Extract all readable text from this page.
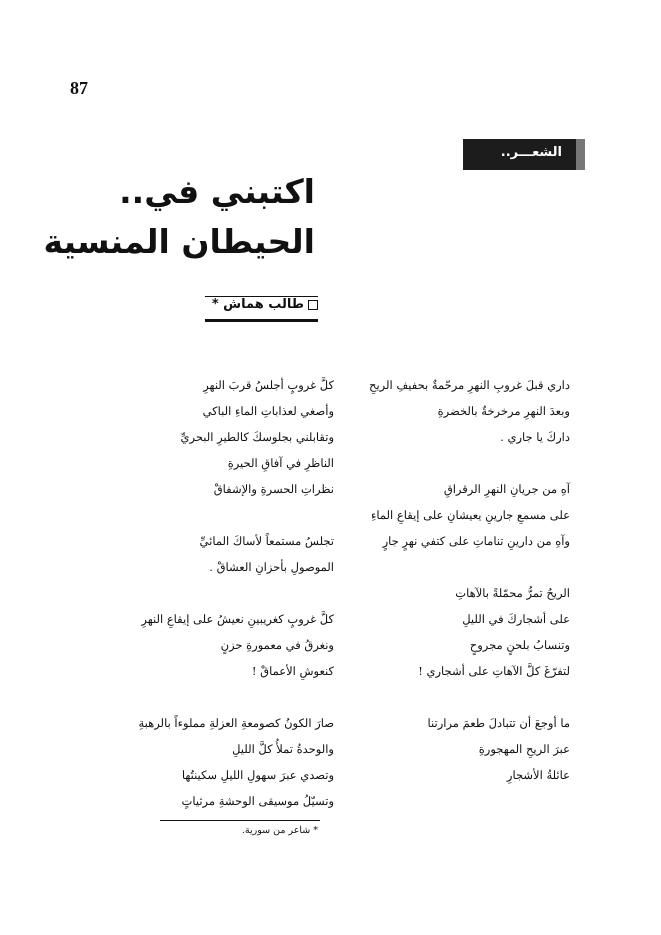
87
الشعـــر..
اكتبني في..
الحيطان المنسية
طالب هماش *
داري قبلَ غروبِ النهرِ مرحّمةٌ بحفيفِ الريحِ
وبعدَ النهرِ مرخرخةٌ بالخضرةِ
داركَ يا جاري .
آهِ من جريانِ النهرِ الرقراقِ
على مسمعِ جارينِ يعيشانِ على إيقاعِ الماءِ
وآهِ من دارينِ تناماتِ على كتفي نهرٍ جارٍ
الريحُ تمرُّ محمّلةً بالآهاتِ
على أشجاركَ في الليلِ
وتنسابُ بلحنٍ مجروحٍ
لتفرّغَ كلَّ الآهاتِ على أشجاري !
ما أوجعَ أن تتبادلَ طعمَ مرارتنا
عبرَ الريحِ المهجورةِ
عائلةُ الأشجارِ
كلَّ غروبٍ أجلسُ قربَ النهرِ
وأصغي لعذاباتِ الماءِ الباكي
وتقابلني بجلوسكَ كالطيرِ البحريِّ
الناظرِ في آفاقِ الحيرةِ
نظراتِ الحسرةِ والإشفاقْ
تجلسُ مستمعاً لأساكَ المائيِّ
الموصولِ بأحزانِ العشاقْ .
كلَّ غروبٍ كغريبينِ نعيشُ على إيقاعِ النهرِ
ونغرقُ في معمورةِ حزنٍ
كنعوشِ الأعماقْ !
صارَ الكونُ كصومعةِ العزلةِ مملوءاً بالرهبةِ
والوحدةُ تملأُ كلَّ الليلِ
وتصدي عبرَ سهولِ الليلِ سكينتُها
وتسيّلُ موسيقى الوحشةِ مرثياتٍ
* شاعر من سورية.
